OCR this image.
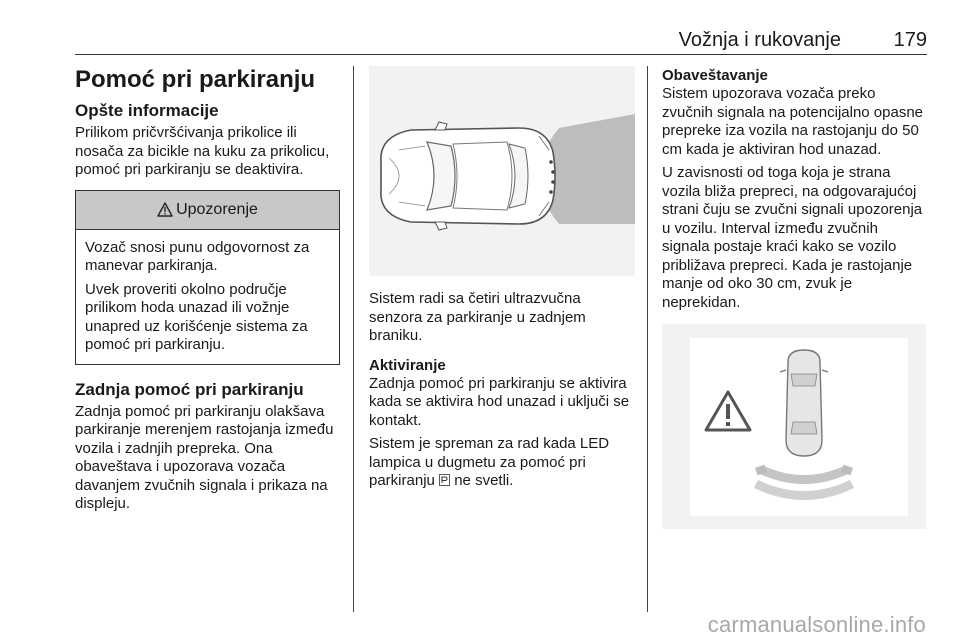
Vožnja i rukovanje	179
Pomoć pri parkiranju
Opšte informacije

Prilikom pričvršćivanja prikolice ili nosača za bicikle na kuku za prikolicu, pomoć pri parkiranju se deaktivira.

Upozorenje

Vozač snosi punu odgovornost za manevar parkiranja.

Uvek proveriti okolno područje prilikom hoda unazad ili vožnje unapred uz korišćenje sistema za pomoć pri parkiranju.

Zadnja pomoć pri parkiranju

Zadnja pomoć pri parkiranju olakšava parkiranje merenjem rastojanja između vozila i zadnjih prepreka. Ona obaveštava i upozorava vozača davanjem zvučnih signala i prikaza na displeju.

Sistem radi sa četiri ultrazvučna senzora za parkiranje u zadnjem braniku.

Aktiviranje

Zadnja pomoć pri parkiranju se aktivira kada se aktivira hod unazad i uključi se kontakt.

Sistem je spreman za rad kada LED lampica u dugmetu za pomoć pri parkiranju ne svetli.

Obaveštavanje

Sistem upozorava vozača preko zvučnih signala na potencijalno opasne prepreke iza vozila na rastojanju do 50 cm kada je aktiviran hod unazad.

U zavisnosti od toga koja je strana vozila bliža prepreci, na odgovarajućoj strani čuju se zvučni signali upozorenja u vozilu. Interval između zvučnih signala postaje kraći kako se vozilo približava prepreci. Kada je rastojanje manje od oko 30 cm, zvuk je neprekidan.

carmanualsonline.info
